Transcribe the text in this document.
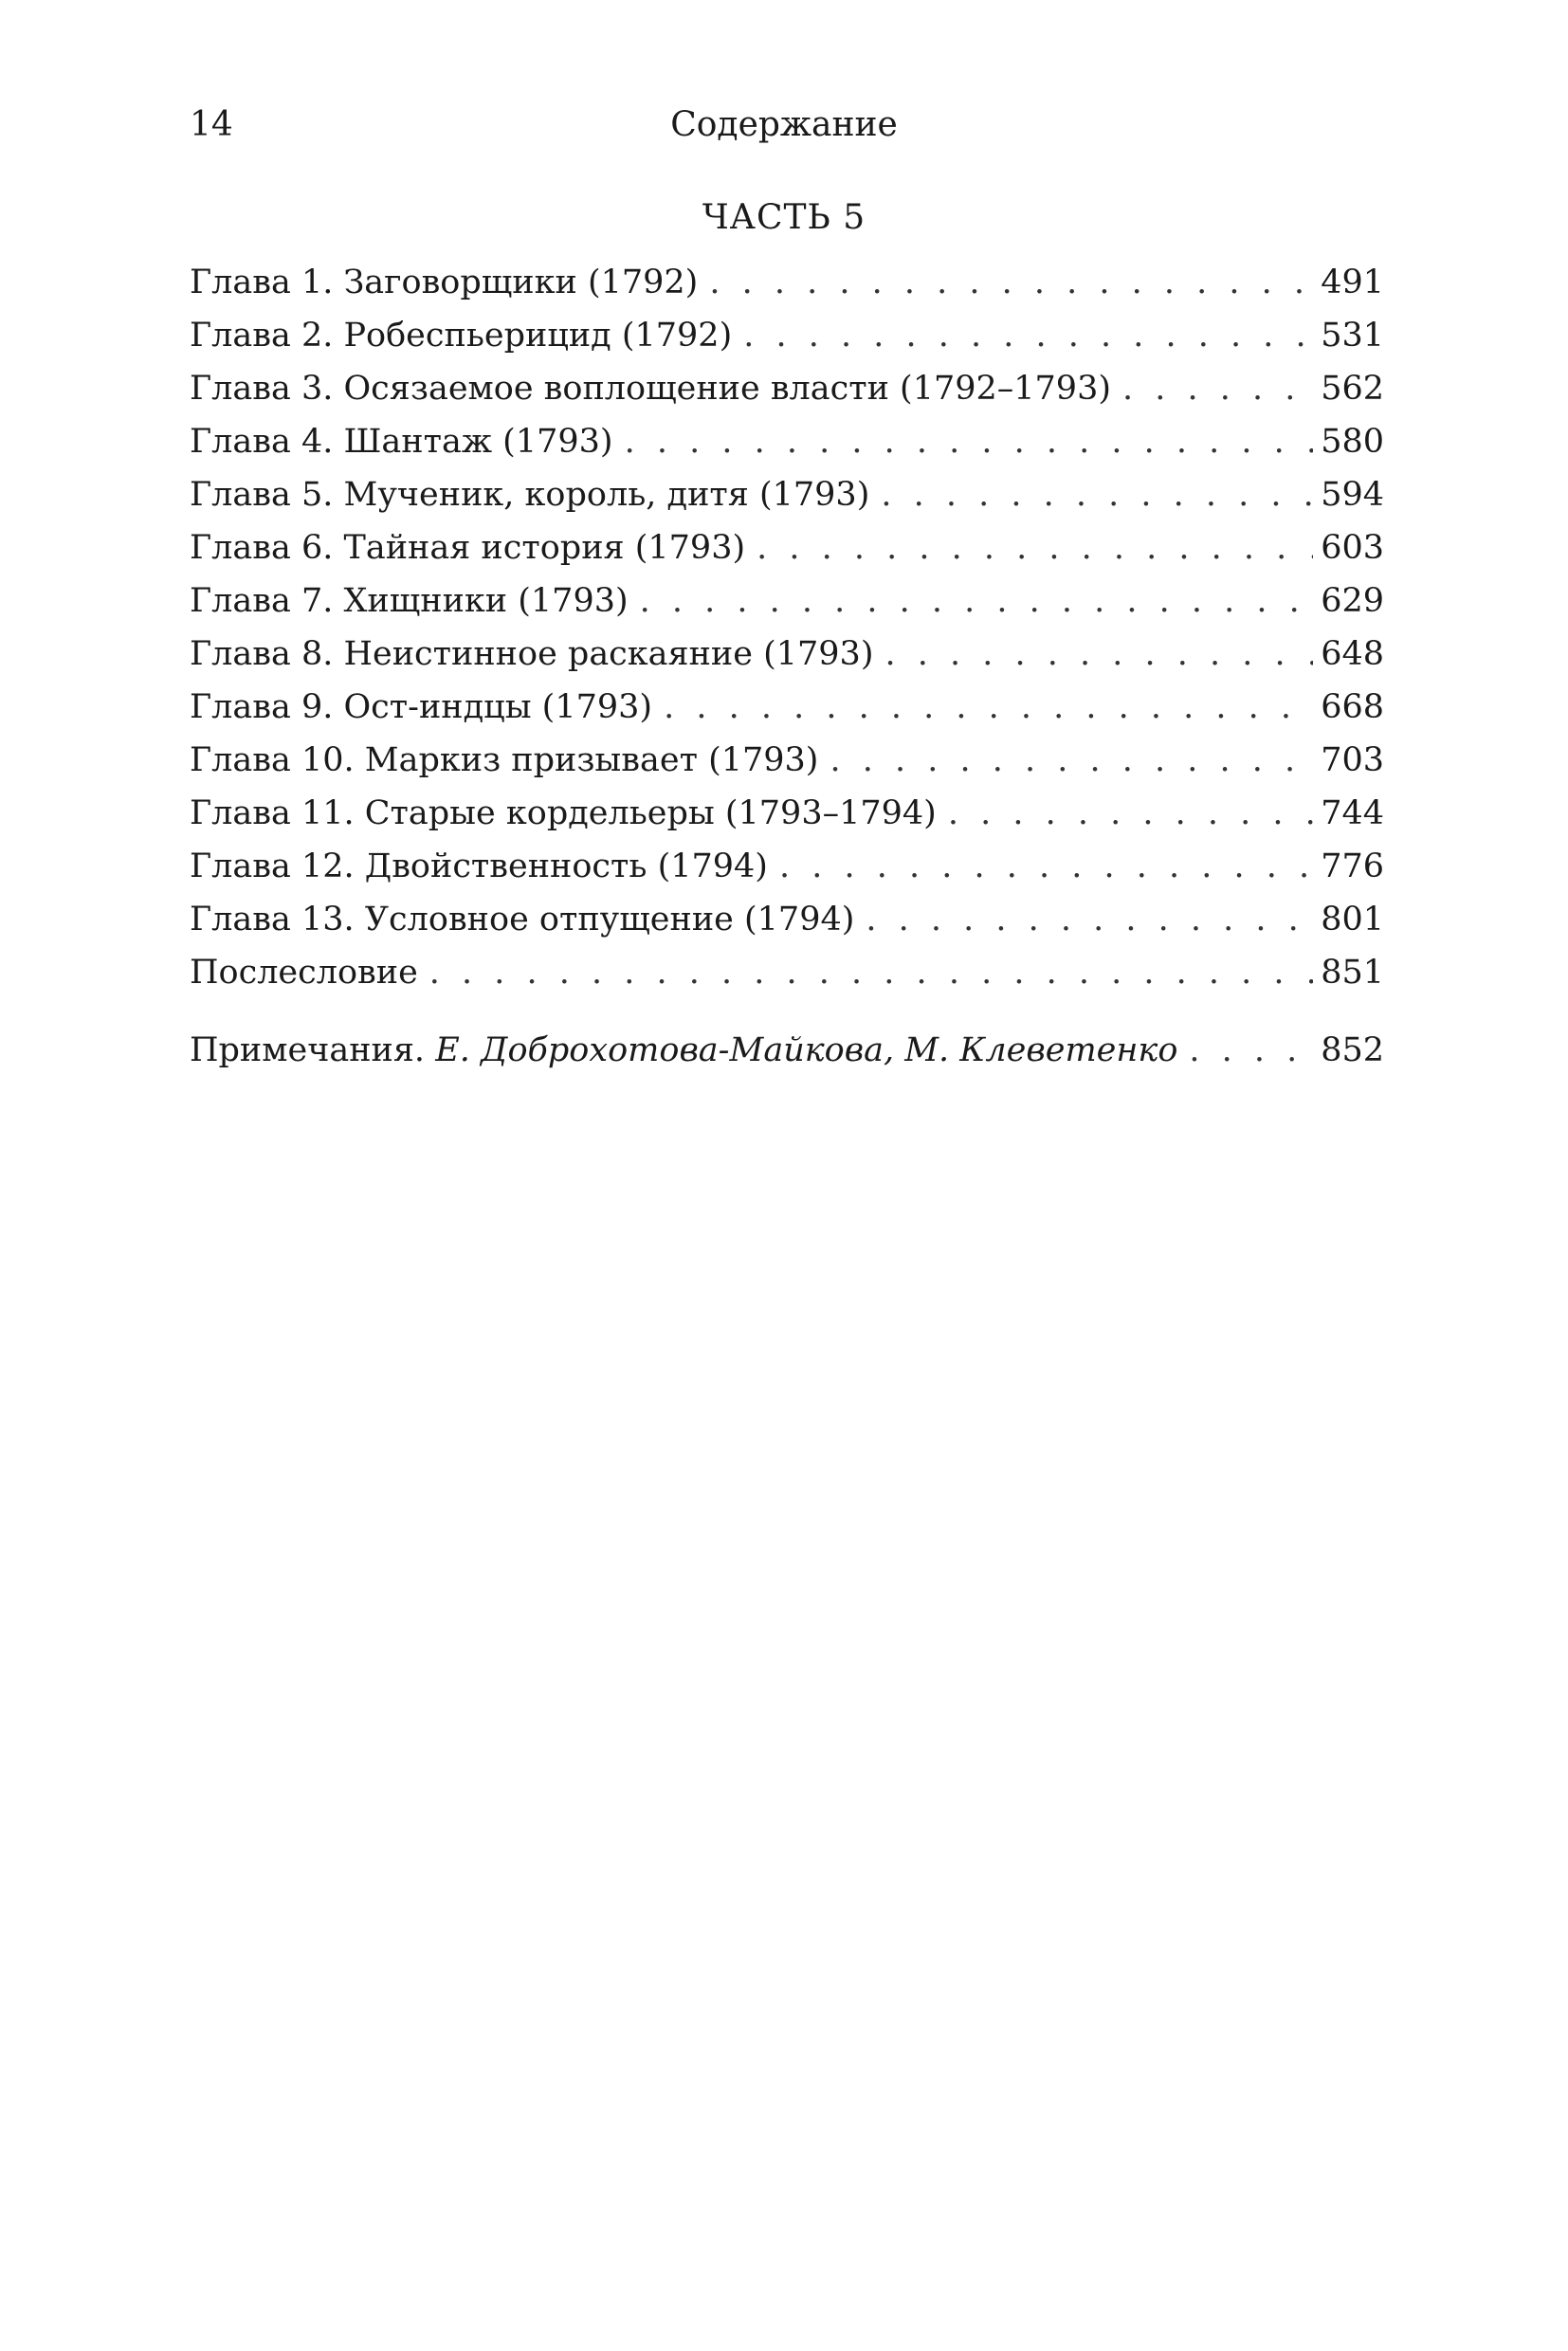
14	Содержание
ЧАСТЬ 5
Глава 1. Заговорщики (1792) . . .	491
Глава 2. Робеспьерицид (1792) . . .	531
Глава 3. Осязаемое воплощение власти (1792–1793) . . .	562
Глава 4. Шантаж (1793) . . .	580
Глава 5. Мученик, король, дитя (1793) . . .	594
Глава 6. Тайная история (1793) . . .	603
Глава 7. Хищники (1793) . . .	629
Глава 8. Неистинное раскаяние (1793) . . .	648
Глава 9. Ост-индцы (1793) . . .	668
Глава 10. Маркиз призывает (1793) . . .	703
Глава 11. Старые кордельеры (1793–1794) . . .	744
Глава 12. Двойственность (1794) . . .	776
Глава 13. Условное отпущение (1794) . . .	801
Послесловие . . .	851
Примечания. Е. Доброхотова-Майкова, М. Клеветенко . . .	852
